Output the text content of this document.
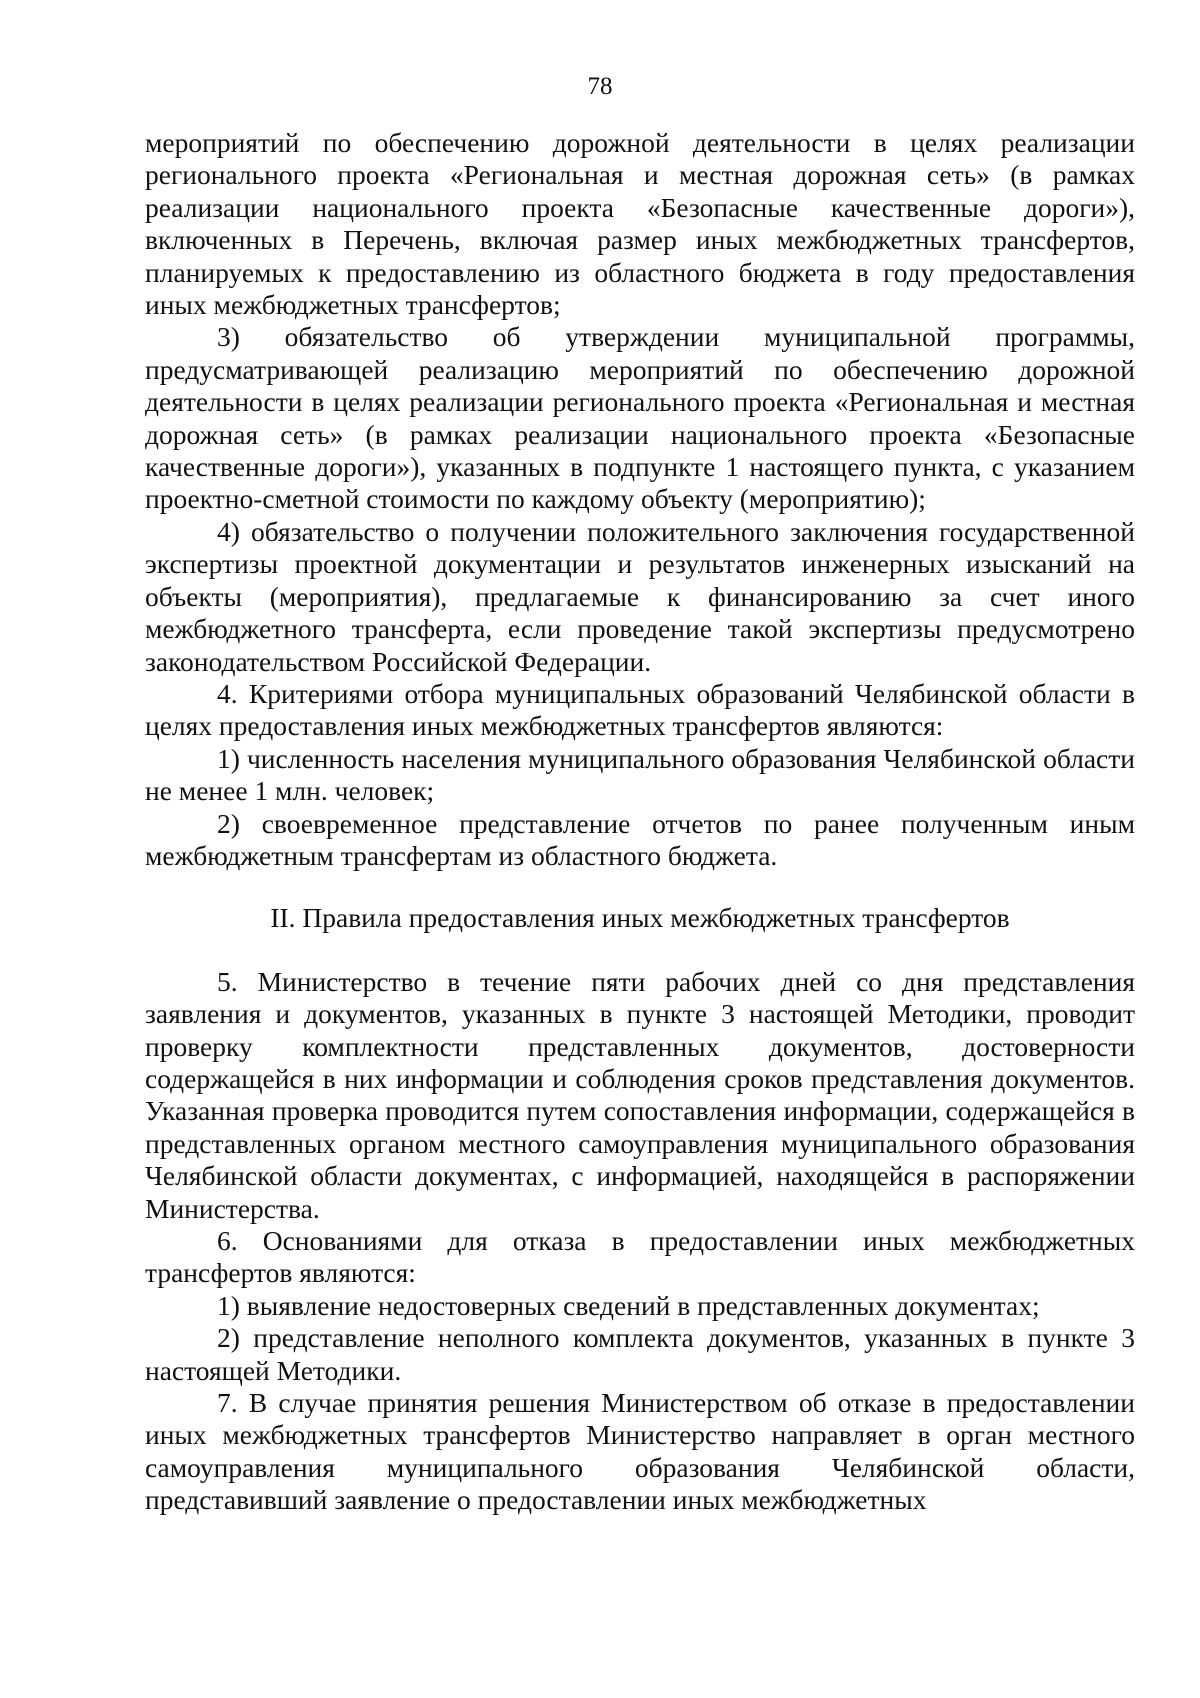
78

мероприятий по обеспечению дорожной деятельности в целях реализации регионального проекта «Региональная и местная дорожная сеть» (в рамках реализации национального проекта «Безопасные качественные дороги»), включенных в Перечень, включая размер иных межбюджетных трансфертов, планируемых к предоставлению из областного бюджета в году предоставления иных межбюджетных трансфертов;

3) обязательство об утверждении муниципальной программы, предусматривающей реализацию мероприятий по обеспечению дорожной деятельности в целях реализации регионального проекта «Региональная и местная дорожная сеть» (в рамках реализации национального проекта «Безопасные качественные дороги»), указанных в подпункте 1 настоящего пункта, с указанием проектно-сметной стоимости по каждому объекту (мероприятию);

4) обязательство о получении положительного заключения государственной экспертизы проектной документации и результатов инженерных изысканий на объекты (мероприятия), предлагаемые к финансированию за счет иного межбюджетного трансферта, если проведение такой экспертизы предусмотрено законодательством Российской Федерации.

4. Критериями отбора муниципальных образований Челябинской области в целях предоставления иных межбюджетных трансфертов являются:

1) численность населения муниципального образования Челябинской области не менее 1 млн. человек;

2) своевременное представление отчетов по ранее полученным иным межбюджетным трансфертам из областного бюджета.

II. Правила предоставления иных межбюджетных трансфертов

5. Министерство в течение пяти рабочих дней со дня представления заявления и документов, указанных в пункте 3 настоящей Методики, проводит проверку комплектности представленных документов, достоверности содержащейся в них информации и соблюдения сроков представления документов. Указанная проверка проводится путем сопоставления информации, содержащейся в представленных органом местного самоуправления муниципального образования Челябинской области документах, с информацией, находящейся в распоряжении Министерства.

6. Основаниями для отказа в предоставлении иных межбюджетных трансфертов являются:

1) выявление недостоверных сведений в представленных документах;

2) представление неполного комплекта документов, указанных в пункте 3 настоящей Методики.

7. В случае принятия решения Министерством об отказе в предоставлении иных межбюджетных трансфертов Министерство направляет в орган местного самоуправления муниципального образования Челябинской области, представивший заявление о предоставлении иных межбюджетных
